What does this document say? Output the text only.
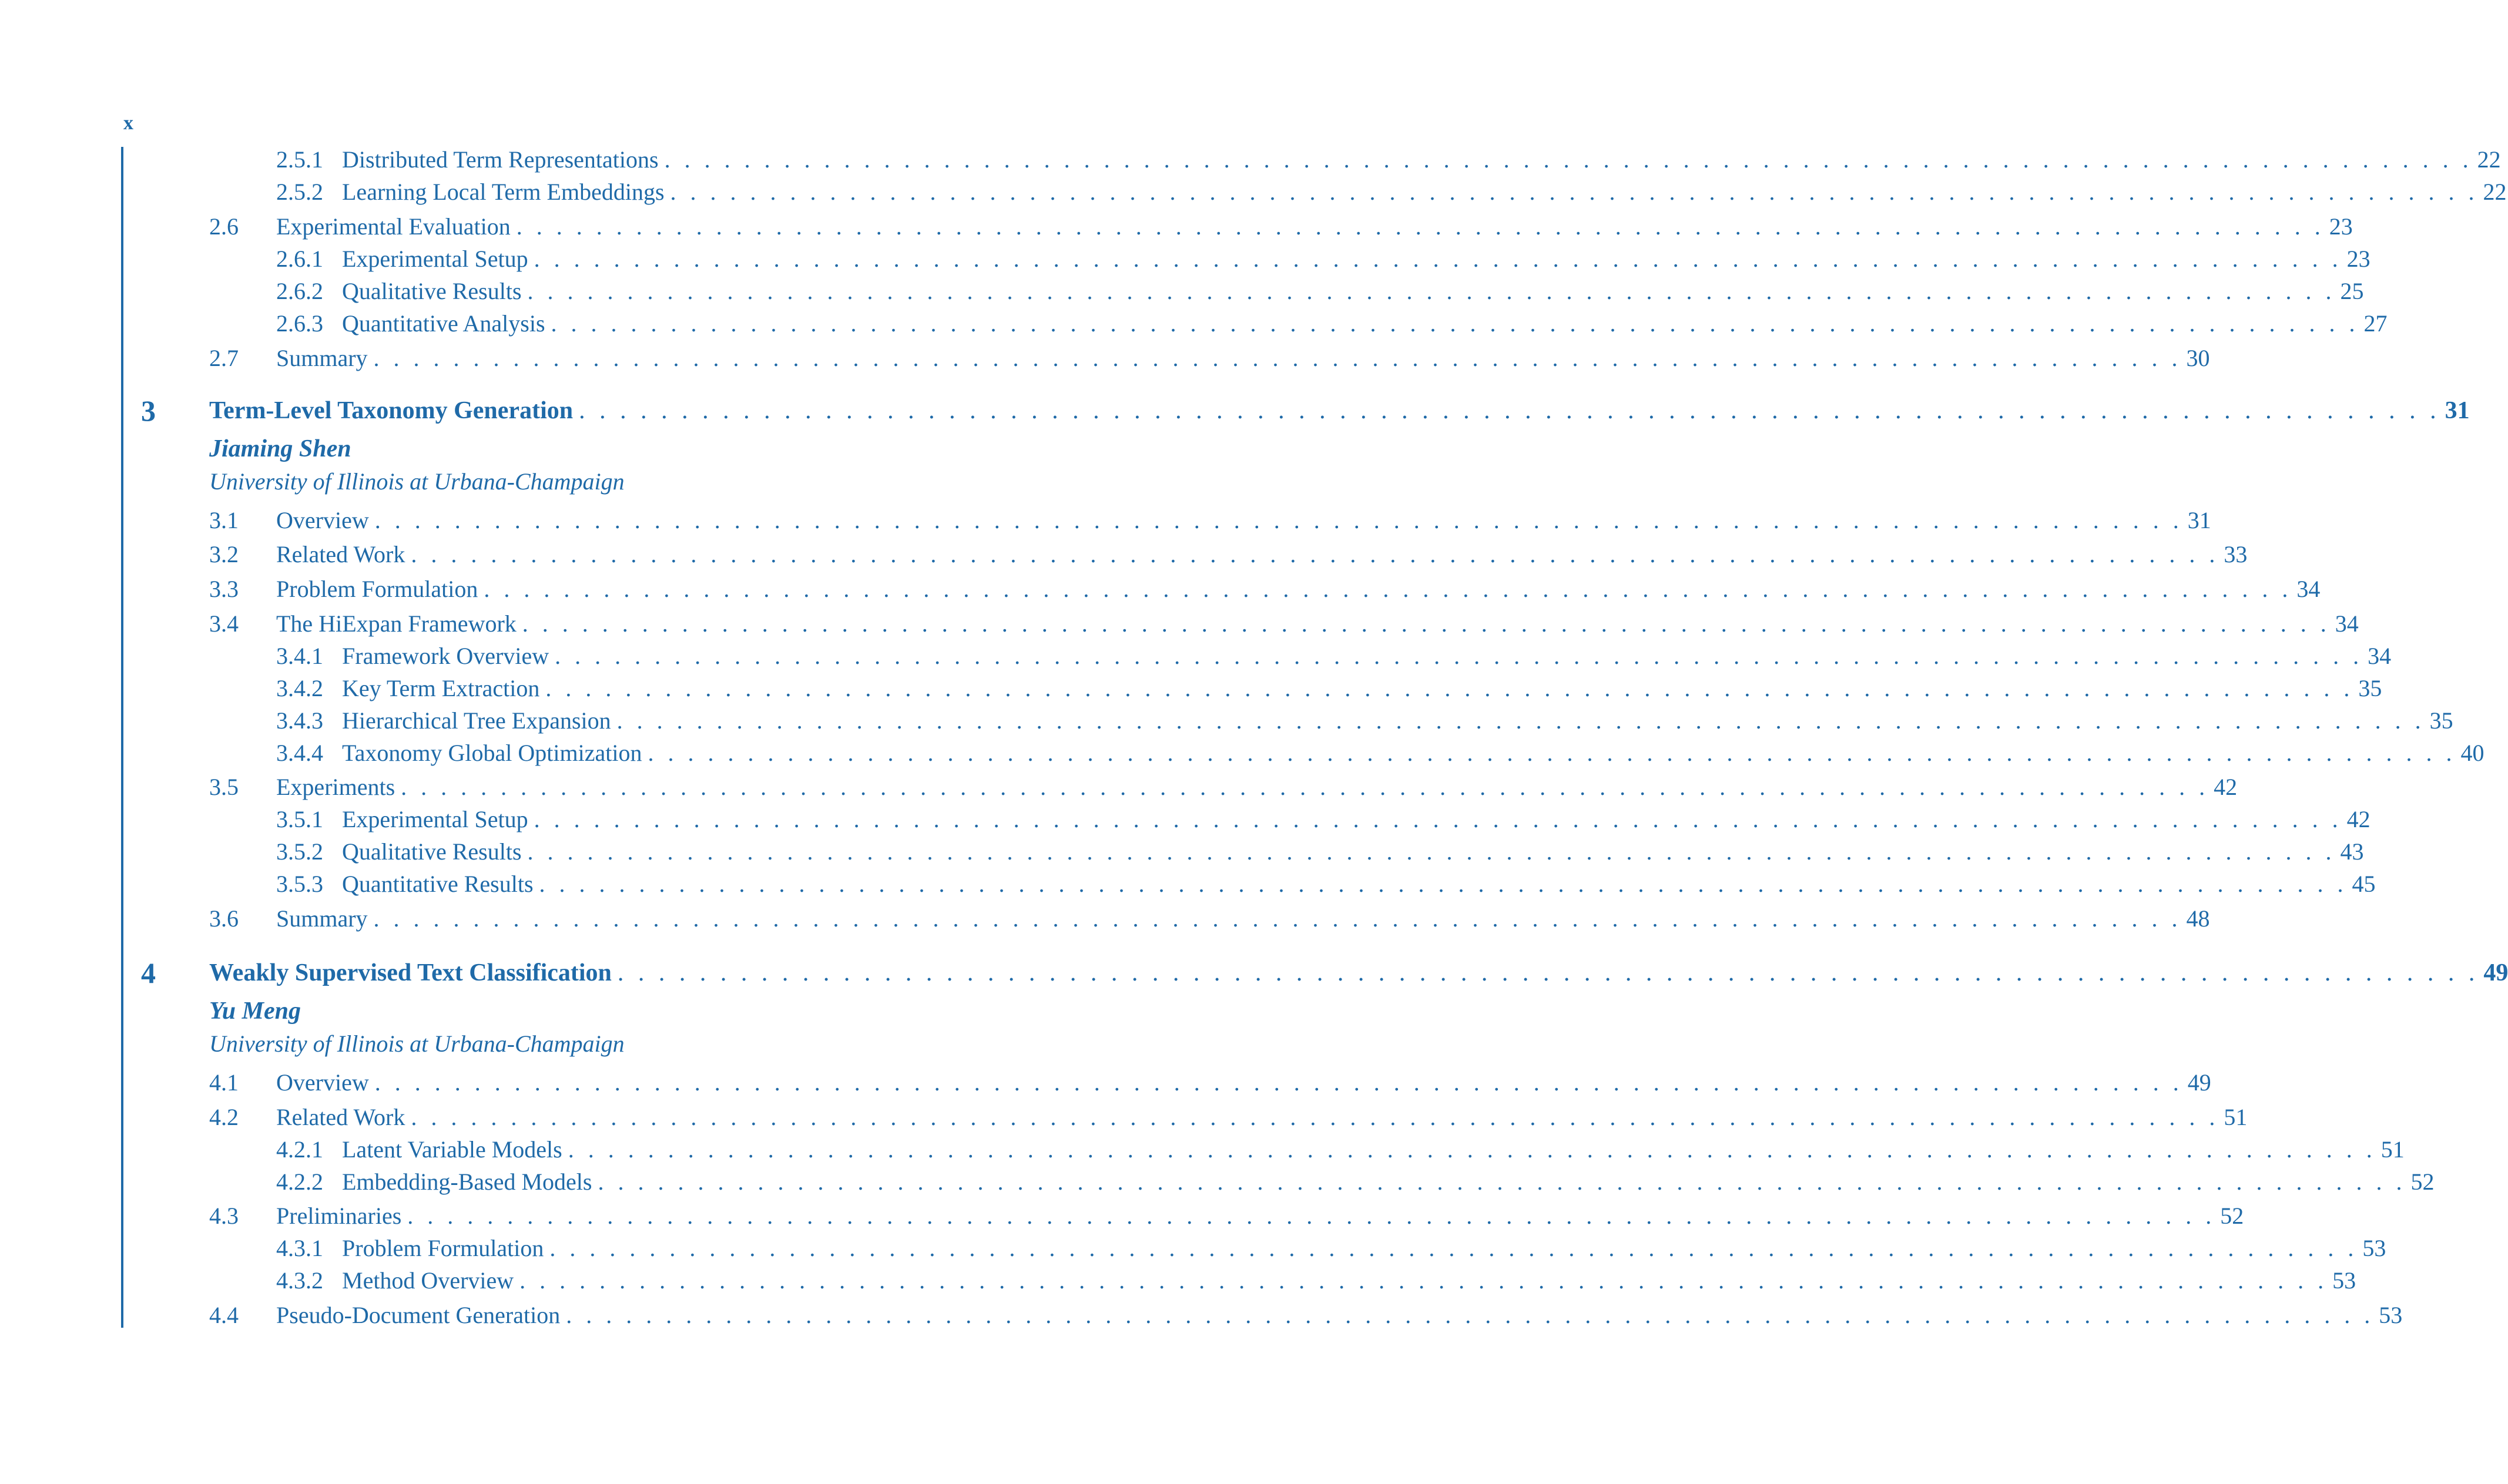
x
2.5.1 Distributed Term Representations . . . . . . . . . . . . . . . . . . . . . . . . . . . . . . . . . . . . . . . . . . . . . . . . . . . . . . . . . . . . . . . . . . . . . . . . . . . . . . . . . . . . . . . . . . . 22
2.5.2 Learning Local Term Embeddings . . . . . . . . . . . . . . . . . . . . . . . . . . . . . . . . . . . . . . . . . . . . . . . . . . . . . . . . . . . . . . . . . . . . . . . . . . . . . . . . . . . . . . . . . . . 22
2.6	Experimental Evaluation . . . . . . . . . . . . . . . . . . . . . . . . . . . . . . . . . . . . . . . . . . . . . . . . . . . . . . . . . . . . . . . . . . . . . . . . . . . . . . . . . . . . . . . . . . . 23
2.6.1 Experimental Setup . . . . . . . . . . . . . . . . . . . . . . . . . . . . . . . . . . . . . . . . . . . . . . . . . . . . . . . . . . . . . . . . . . . . . . . . . . . . . . . . . . . . . . . . . . . 23
2.6.2 Qualitative Results . . . . . . . . . . . . . . . . . . . . . . . . . . . . . . . . . . . . . . . . . . . . . . . . . . . . . . . . . . . . . . . . . . . . . . . . . . . . . . . . . . . . . . . . . . . 25
2.6.3 Quantitative Analysis . . . . . . . . . . . . . . . . . . . . . . . . . . . . . . . . . . . . . . . . . . . . . . . . . . . . . . . . . . . . . . . . . . . . . . . . . . . . . . . . . . . . . . . . . . . 27
2.7	Summary . . . . . . . . . . . . . . . . . . . . . . . . . . . . . . . . . . . . . . . . . . . . . . . . . . . . . . . . . . . . . . . . . . . . . . . . . . . . . . . . . . . . . . . . . . . 30
3 Term-Level Taxonomy Generation . . . . . . . . . . . . . . . . . . . . . . . . . . . . . . . . . . . . . . . . . . . . . . . . . . . . . . . . . . . . . . . . . . . . . . . . . . . . . . . . . . . . . . . . . . . 31
Jiaming Shen
University of Illinois at Urbana-Champaign
3.1	Overview . . . . . . . . . . . . . . . . . . . . . . . . . . . . . . . . . . . . . . . . . . . . . . . . . . . . . . . . . . . . . . . . . . . . . . . . . . . . . . . . . . . . . . . . . . . 31
3.2	Related Work . . . . . . . . . . . . . . . . . . . . . . . . . . . . . . . . . . . . . . . . . . . . . . . . . . . . . . . . . . . . . . . . . . . . . . . . . . . . . . . . . . . . . . . . . . . 33
3.3	Problem Formulation . . . . . . . . . . . . . . . . . . . . . . . . . . . . . . . . . . . . . . . . . . . . . . . . . . . . . . . . . . . . . . . . . . . . . . . . . . . . . . . . . . . . . . . . . . . 34
3.4	The HiExpan Framework . . . . . . . . . . . . . . . . . . . . . . . . . . . . . . . . . . . . . . . . . . . . . . . . . . . . . . . . . . . . . . . . . . . . . . . . . . . . . . . . . . . . . . . . . . . 34
3.4.1 Framework Overview . . . . . . . . . . . . . . . . . . . . . . . . . . . . . . . . . . . . . . . . . . . . . . . . . . . . . . . . . . . . . . . . . . . . . . . . . . . . . . . . . . . . . . . . . . . 34
3.4.2 Key Term Extraction . . . . . . . . . . . . . . . . . . . . . . . . . . . . . . . . . . . . . . . . . . . . . . . . . . . . . . . . . . . . . . . . . . . . . . . . . . . . . . . . . . . . . . . . . . . 35
3.4.3 Hierarchical Tree Expansion . . . . . . . . . . . . . . . . . . . . . . . . . . . . . . . . . . . . . . . . . . . . . . . . . . . . . . . . . . . . . . . . . . . . . . . . . . . . . . . . . . . . . . . . . . . 35
3.4.4 Taxonomy Global Optimization . . . . . . . . . . . . . . . . . . . . . . . . . . . . . . . . . . . . . . . . . . . . . . . . . . . . . . . . . . . . . . . . . . . . . . . . . . . . . . . . . . . . . . . . . . . 40
3.5	Experiments . . . . . . . . . . . . . . . . . . . . . . . . . . . . . . . . . . . . . . . . . . . . . . . . . . . . . . . . . . . . . . . . . . . . . . . . . . . . . . . . . . . . . . . . . . . 42
3.5.1 Experimental Setup . . . . . . . . . . . . . . . . . . . . . . . . . . . . . . . . . . . . . . . . . . . . . . . . . . . . . . . . . . . . . . . . . . . . . . . . . . . . . . . . . . . . . . . . . . . 42
3.5.2 Qualitative Results . . . . . . . . . . . . . . . . . . . . . . . . . . . . . . . . . . . . . . . . . . . . . . . . . . . . . . . . . . . . . . . . . . . . . . . . . . . . . . . . . . . . . . . . . . . 43
3.5.3 Quantitative Results . . . . . . . . . . . . . . . . . . . . . . . . . . . . . . . . . . . . . . . . . . . . . . . . . . . . . . . . . . . . . . . . . . . . . . . . . . . . . . . . . . . . . . . . . . . 45
3.6	Summary . . . . . . . . . . . . . . . . . . . . . . . . . . . . . . . . . . . . . . . . . . . . . . . . . . . . . . . . . . . . . . . . . . . . . . . . . . . . . . . . . . . . . . . . . . . 48
4 Weakly Supervised Text Classification . . . . . . . . . . . . . . . . . . . . . . . . . . . . . . . . . . . . . . . . . . . . . . . . . . . . . . . . . . . . . . . . . . . . . . . . . . . . . . . . . . . . . . . . . . . 49
Yu Meng
University of Illinois at Urbana-Champaign
4.1	Overview . . . . . . . . . . . . . . . . . . . . . . . . . . . . . . . . . . . . . . . . . . . . . . . . . . . . . . . . . . . . . . . . . . . . . . . . . . . . . . . . . . . . . . . . . . . 49
4.2	Related Work . . . . . . . . . . . . . . . . . . . . . . . . . . . . . . . . . . . . . . . . . . . . . . . . . . . . . . . . . . . . . . . . . . . . . . . . . . . . . . . . . . . . . . . . . . . 51
4.2.1 Latent Variable Models . . . . . . . . . . . . . . . . . . . . . . . . . . . . . . . . . . . . . . . . . . . . . . . . . . . . . . . . . . . . . . . . . . . . . . . . . . . . . . . . . . . . . . . . . . . 51
4.2.2 Embedding-Based Models . . . . . . . . . . . . . . . . . . . . . . . . . . . . . . . . . . . . . . . . . . . . . . . . . . . . . . . . . . . . . . . . . . . . . . . . . . . . . . . . . . . . . . . . . . . 52
4.3	Preliminaries . . . . . . . . . . . . . . . . . . . . . . . . . . . . . . . . . . . . . . . . . . . . . . . . . . . . . . . . . . . . . . . . . . . . . . . . . . . . . . . . . . . . . . . . . . . 52
4.3.1 Problem Formulation . . . . . . . . . . . . . . . . . . . . . . . . . . . . . . . . . . . . . . . . . . . . . . . . . . . . . . . . . . . . . . . . . . . . . . . . . . . . . . . . . . . . . . . . . . . 53
4.3.2 Method Overview . . . . . . . . . . . . . . . . . . . . . . . . . . . . . . . . . . . . . . . . . . . . . . . . . . . . . . . . . . . . . . . . . . . . . . . . . . . . . . . . . . . . . . . . . . . 53
4.4	Pseudo-Document Generation . . . . . . . . . . . . . . . . . . . . . . . . . . . . . . . . . . . . . . . . . . . . . . . . . . . . . . . . . . . . . . . . . . . . . . . . . . . . . . . . . . . . . . . . . . . 53
